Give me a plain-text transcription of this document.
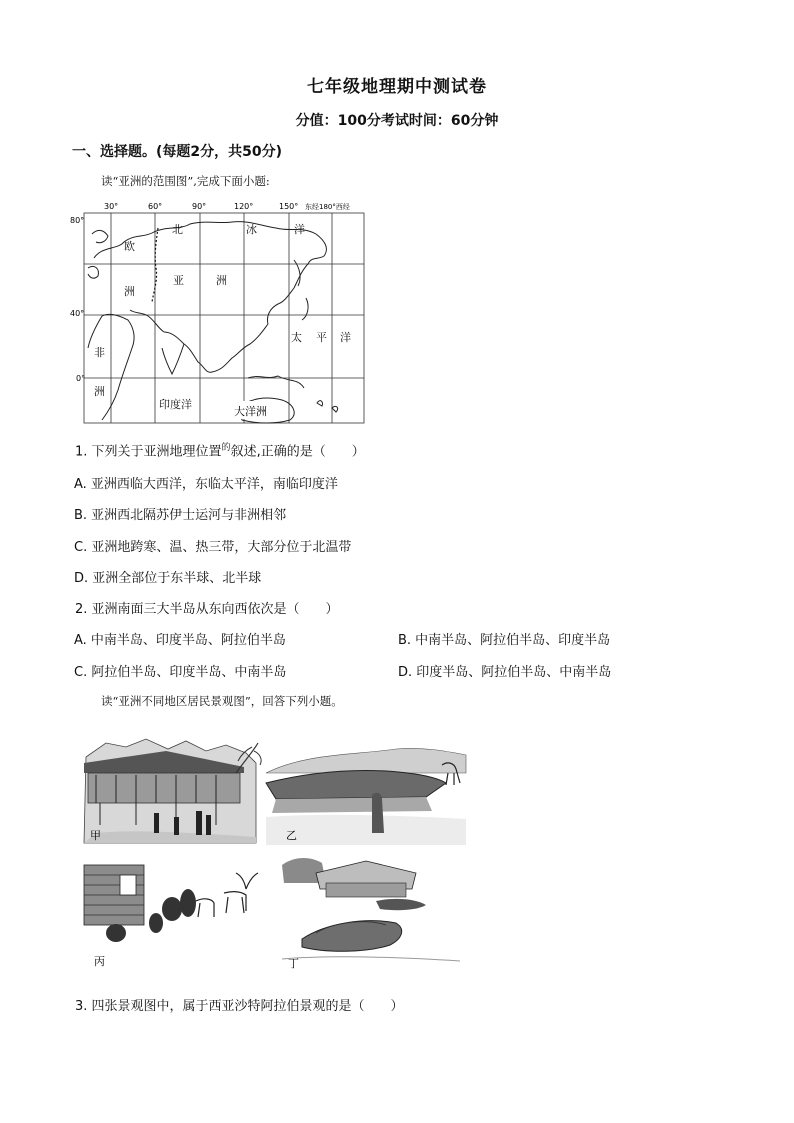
七年级地理期中测试卷
分值：100分考试时间：60分钟
一、选择题。(每题2分，共50分)
读“亚洲的范围图”,完成下面小题:
30°	60°	90°	120°	150° 东经180°西经
80°
40°
0°
北	冰	洋
欧
洲
亚	洲
太 平 洋
非
洲
印度洋
大洋洲
1. 下列关于亚洲地理位置$^的$叙述,正确的是（　　）
A. 亚洲西临大西洋，东临太平洋，南临印度洋
B. 亚洲西北隔苏伊士运河与非洲相邻
C. 亚洲地跨寒、温、热三带，大部分位于北温带
D. 亚洲全部位于东半球、北半球
2. 亚洲南面三大半岛从东向西依次是（　　）
A. 中南半岛、印度半岛、阿拉伯半岛	B. 中南半岛、阿拉伯半岛、印度半岛
C. 阿拉伯半岛、印度半岛、中南半岛	D. 印度半岛、阿拉伯半岛、中南半岛
读“亚洲不同地区居民景观图”，回答下列小题。
甲	乙
丙	丁
3. 四张景观图中，属于西亚沙特阿拉伯景观的是（　　）
